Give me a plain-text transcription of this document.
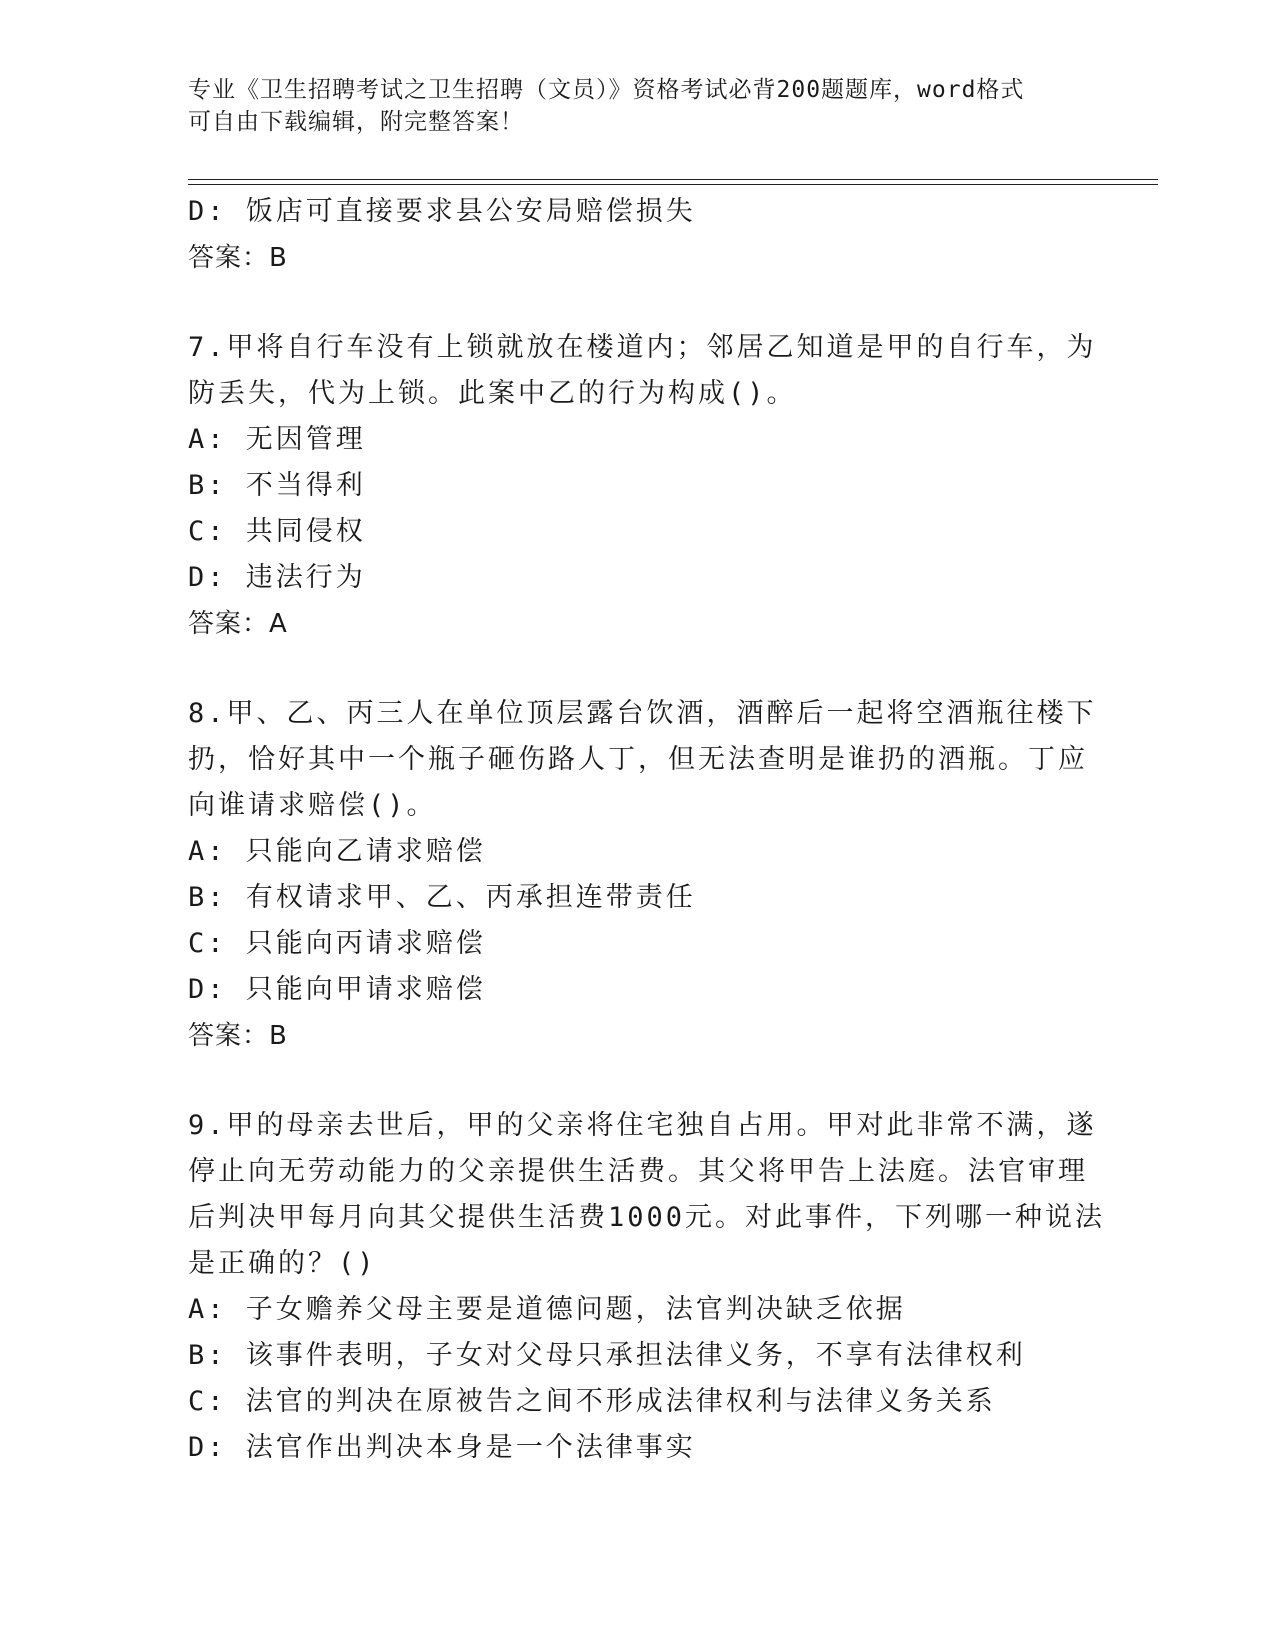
专业《卫生招聘考试之卫生招聘（文员）》资格考试必背200题题库，word格式
可自由下载编辑，附完整答案！
D: 饭店可直接要求县公安局赔偿损失
答案：B
7.甲将自行车没有上锁就放在楼道内；邻居乙知道是甲的自行车，为
防丢失，代为上锁。此案中乙的行为构成()。
A: 无因管理
B: 不当得利
C: 共同侵权
D: 违法行为
答案：A
8.甲、乙、丙三人在单位顶层露台饮酒，酒醉后一起将空酒瓶往楼下
扔，恰好其中一个瓶子砸伤路人丁，但无法查明是谁扔的酒瓶。丁应
向谁请求赔偿()。
A: 只能向乙请求赔偿
B: 有权请求甲、乙、丙承担连带责任
C: 只能向丙请求赔偿
D: 只能向甲请求赔偿
答案：B
9.甲的母亲去世后，甲的父亲将住宅独自占用。甲对此非常不满，遂
停止向无劳动能力的父亲提供生活费。其父将甲告上法庭。法官审理
后判决甲每月向其父提供生活费1000元。对此事件，下列哪一种说法
是正确的？()
A: 子女赡养父母主要是道德问题，法官判决缺乏依据
B: 该事件表明，子女对父母只承担法律义务，不享有法律权利
C: 法官的判决在原被告之间不形成法律权利与法律义务关系
D: 法官作出判决本身是一个法律事实
